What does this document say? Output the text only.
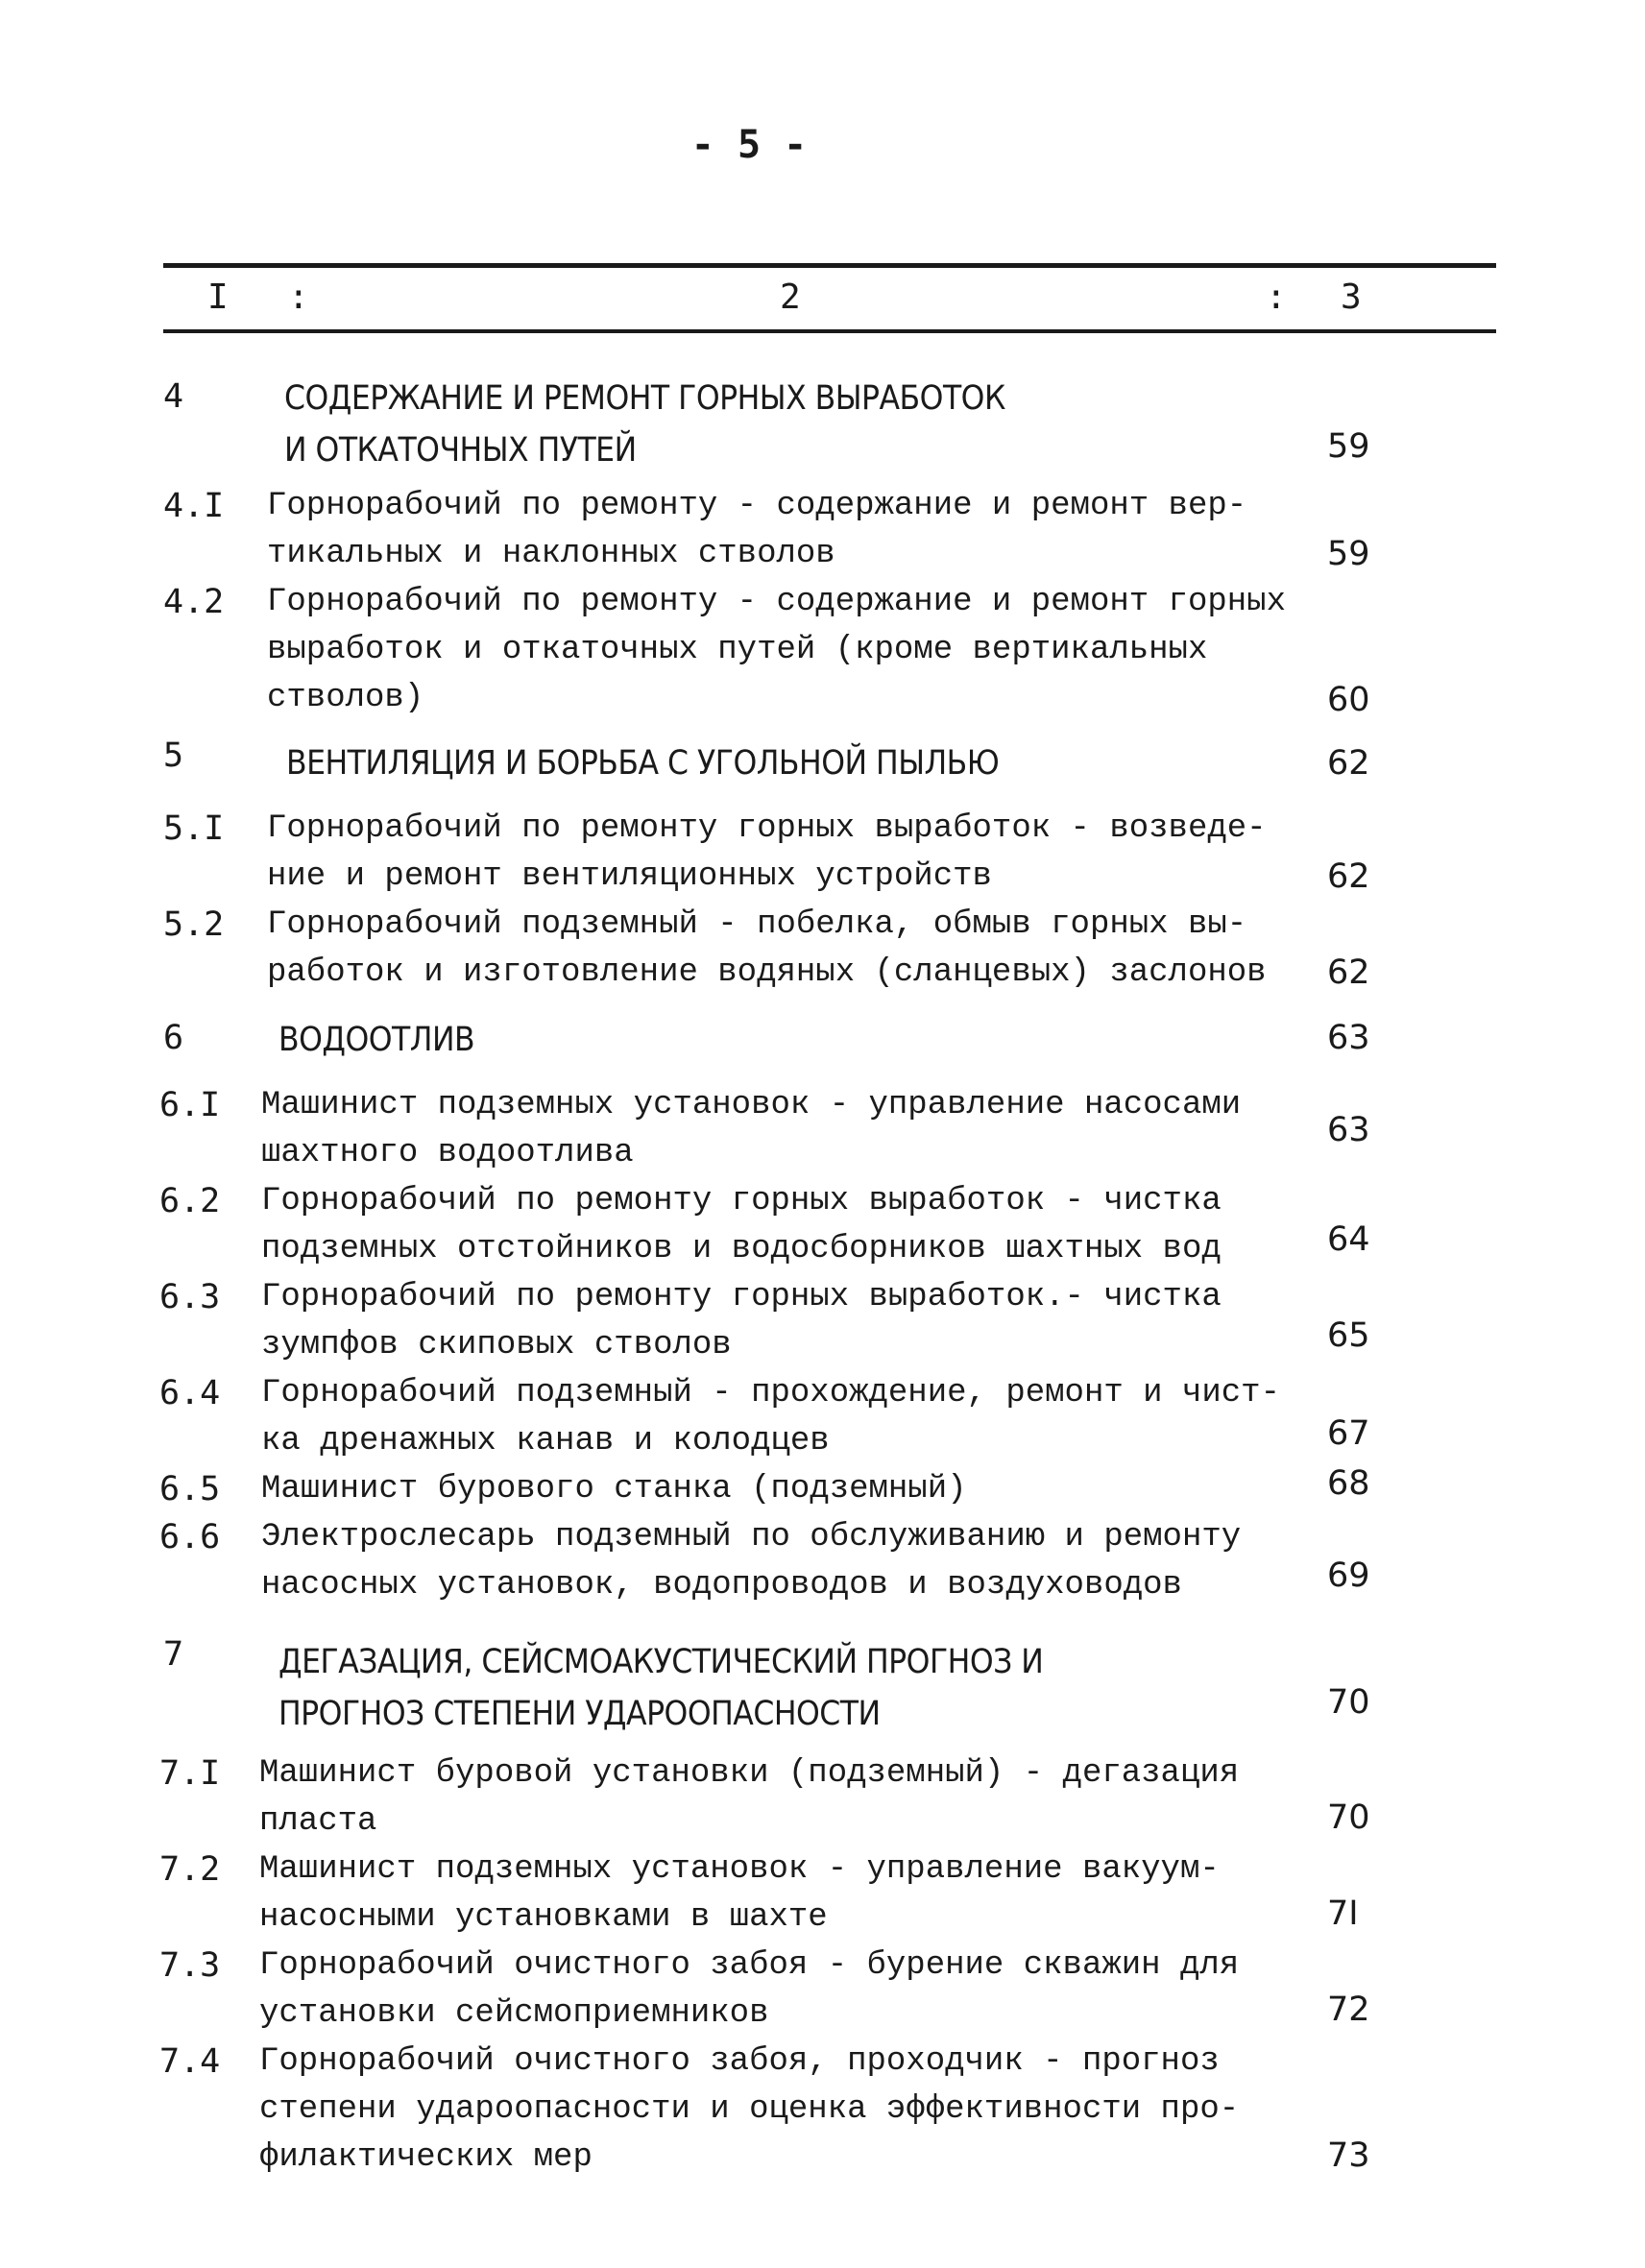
- 5 -
I :	2	: 3
4	СОДЕРЖАНИЕ И РЕМОНТ ГОРНЫХ ВЫРАБОТОК
И ОТКАТОЧНЫХ ПУТЕЙ	59
4.I Горнорабочий по ремонту - содержание и ремонт вер-
тикальных и наклонных стволов	59
4.2 Горнорабочий по ремонту - содержание и ремонт горных
выработок и откаточных путей (кроме вертикальных
стволов)	60
5	ВЕНТИЛЯЦИЯ И БОРЬБА С УГОЛЬНОЙ ПЫЛЬЮ	62
5.I Горнорабочий по ремонту горных выработок - возведе-
ние и ремонт вентиляционных устройств	62
5.2 Горнорабочий подземный - побелка, обмыв горных вы-
работок и изготовление водяных (сланцевых) заслонов 62
6	ВОДООТЛИВ	63
6.I Машинист подземных установок - управление насосами
шахтного водоотлива
63
6.2 Горнорабочий по ремонту горных выработок - чистка
подземных отстойников и водосборников шахтных вод	64
6.3 Горнорабочий по ремонту горных выработок.- чистка
зумпфов скиповых стволов	65
6.4 Горнорабочий подземный - прохождение, ремонт и чист-
ка дренажных канав и колодцев	67
6.5 Машинист бурового станка (подземный)	68
6.6 Электрослесарь подземный по обслуживанию и ремонту
насосных установок, водопроводов и воздуховодов	69
7	ДЕГАЗАЦИЯ, СЕЙСМОАКУСТИЧЕСКИЙ ПРОГНОЗ И
ПРОГНОЗ СТЕПЕНИ УДАРООПАСНОСТИ	70
7.I Машинист буровой установки (подземный) - дегазация
пласта	70
7.2 Машинист подземных установок - управление вакуум-
насосными установками в шахте	7I
7.3 Горнорабочий очистного забоя - бурение скважин для
установки сейсмоприемников	72
7.4 Горнорабочий очистного забоя, проходчик - прогноз
степени удароопасности и оценка эффективности про-
филактических мер	73
